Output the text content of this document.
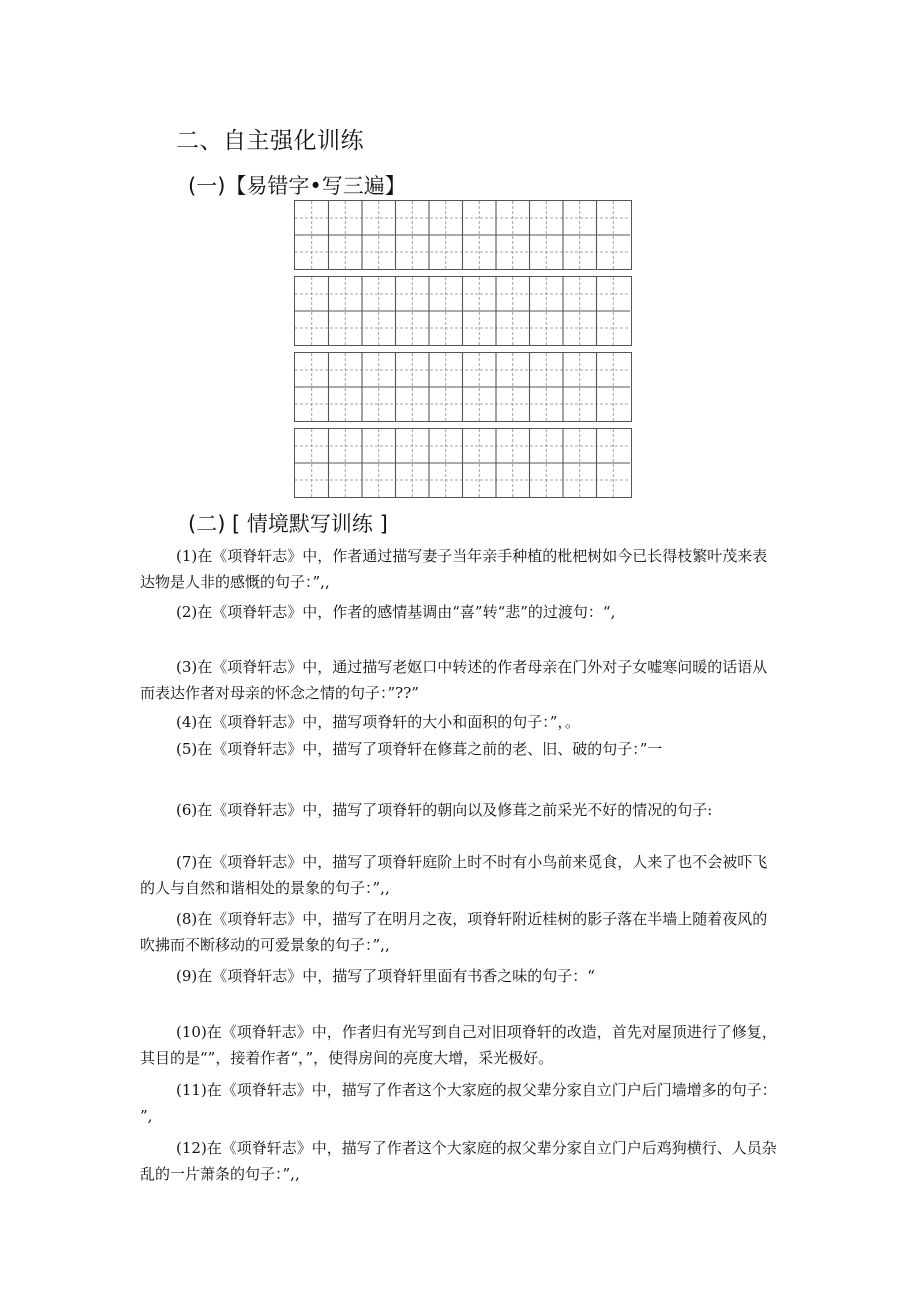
二、自主强化训练
(一)【易错字•写三遍】
(二) [ 情境默写训练 ]

(1)在《项脊轩志》中，作者通过描写妻子当年亲手种植的枇杷树如今已长得枝繁叶茂来表

达物是人非的感慨的句子：”,,

(2)在《项脊轩志》中，作者的感情基调由“喜”转“悲”的过渡句：“,

(3)在《项脊轩志》中，通过描写老妪口中转述的作者母亲在门外对子女嘘寒问暖的话语从

而表达作者对母亲的怀念之情的句子：”??”

(4)在《项脊轩志》中，描写项脊轩的大小和面积的句子：”，。

(5)在《项脊轩志》中，描写了项脊轩在修葺之前的老、旧、破的句子：”一

(6)在《项脊轩志》中，描写了项脊轩的朝向以及修葺之前采光不好的情况的句子:

(7)在《项脊轩志》中，描写了项脊轩庭阶上时不时有小鸟前来觅食，人来了也不会被吓飞

的人与自然和谐相处的景象的句子：”,,

(8)在《项脊轩志》中，描写了在明月之夜，项脊轩附近桂树的影子落在半墙上随着夜风的

吹拂而不断移动的可爱景象的句子：”,,

(9)在《项脊轩志》中，描写了项脊轩里面有书香之味的句子：“

(10)在《项脊轩志》中，作者归有光写到自己对旧项脊轩的改造，首先对屋顶进行了修复，

其目的是“”，接着作者“，”，使得房间的亮度大增，采光极好。

(11)在《项脊轩志》中，描写了作者这个大家庭的叔父辈分家自立门户后门墙增多的句子：

”,

(12)在《项脊轩志》中，描写了作者这个大家庭的叔父辈分家自立门户后鸡狗横行、人员杂

乱的一片萧条的句子：”,,
